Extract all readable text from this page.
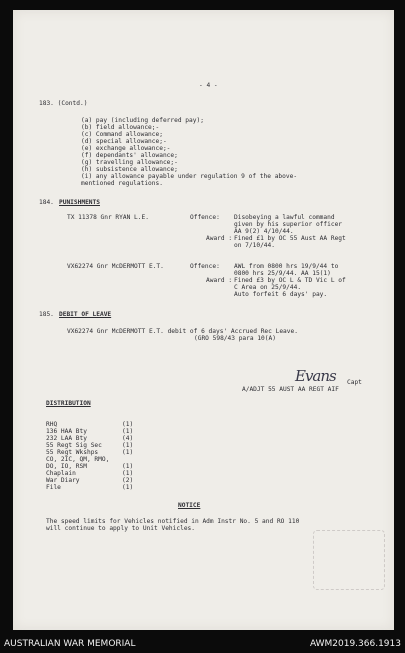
- 4 -
183. (Contd.)
(a) pay (including deferred pay);
(b) field allowance;-
(c) Command allowance;
(d) special allowance;-
(e) exchange allowance;-
(f) dependants' allowance;
(g) travelling allowance;-
(h) subsistence allowance;
(i) any allowance payable under regulation 9 of the above-
mentioned regulations.
184. PUNISHMENTS
TX 11378 Gnr RYAN L.E.	Offence: Disobeying a lawful command
given by his superior officer
AA 9(2) 4/10/44.
Award : Fined £1 by OC 55 Aust AA Regt
on 7/10/44.
VX62274 Gnr McDERMOTT E.T.	Offence: AWL from 0800 hrs 19/9/44 to
0800 hrs 25/9/44. AA 15(1)
Award : Fined £3 by OC L & TD Vic L of
C Area on 25/9/44.
Auto forfeit 6 days' pay.
185. DEBIT OF LEAVE
VX62274 Gnr McDERMOTT E.T. debit of 6 days' Accrued Rec Leave.
(GRO 598/43 para 10(A)
Evans Capt
A/ADJT 55 AUST AA REGT AIF
DISTRIBUTION
RHQ	(1)
136 HAA Bty	(1)
232 LAA Bty	(4)
55 Regt Sig Sec	(1)
55 Regt Wkshps	(1)
CO, 2IC, QM, RMO,
DO, IO, RSM	(1)
Chaplain	(1)
War Diary	(2)
File	(1)
NOTICE
The speed limits for Vehicles notified in Adm Instr No. 5 and RO 110
will continue to apply to Unit Vehicles.
AUSTRALIAN WAR MEMORIAL	AWM2019.366.1913
